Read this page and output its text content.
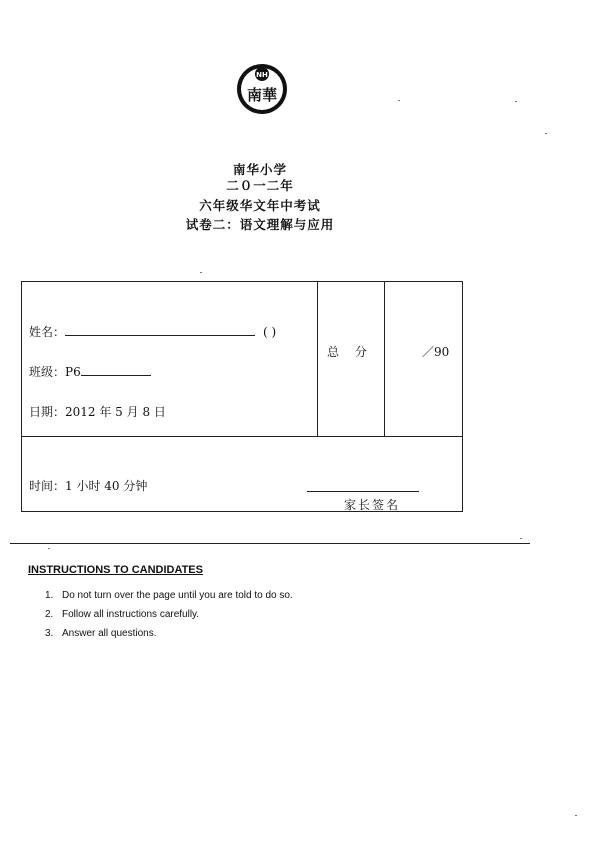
NH
南華
南华小学
二０一二年
六年级华文年中考试
试卷二：语文理解与应用
姓名：	( )
班级：P6
日期：2012 年 5 月 8 日
总 分	／90
时间：1 小时 40 分钟
家长签名
INSTRUCTIONS TO CANDIDATES
1. Do not turn over the page until you are told to do so.
2. Follow all instructions carefully.
3. Answer all questions.
